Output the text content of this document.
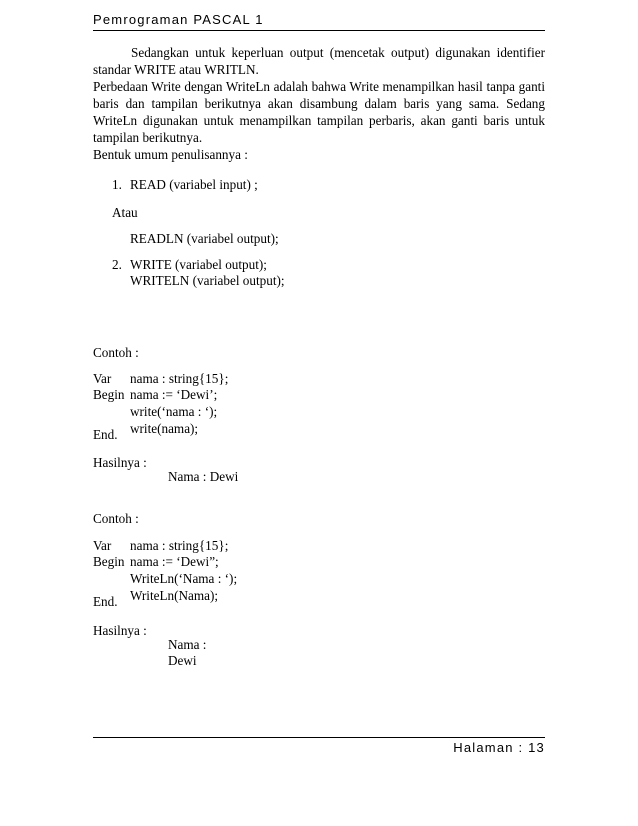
Pemrograman PASCAL 1

Sedangkan untuk keperluan output (mencetak output) digunakan identifier standar WRITE atau WRITLN.

Perbedaan Write dengan WriteLn adalah bahwa Write menampilkan hasil tanpa ganti baris dan tampilan berikutnya akan disambung dalam baris yang sama. Sedang WriteLn digunakan untuk menampilkan tampilan perbaris, akan ganti baris untuk tampilan berikutnya.

Bentuk umum penulisannya :
1. READ (variabel input) ;
Atau
READLN (variabel output);
2. WRITE (variabel output);
WRITELN (variabel output);
Contoh :
Var nama : string{15};
Begin nama := ‘Dewi’;
write(‘nama : ‘);
write(nama);
End.
Hasilnya :
Nama : Dewi
Contoh :
Var nama : string{15};
Begin nama := ‘Dewi”;
WriteLn(‘Nama : ‘);
WriteLn(Nama);
End.
Hasilnya :
Nama :
Dewi
Halaman : 13
